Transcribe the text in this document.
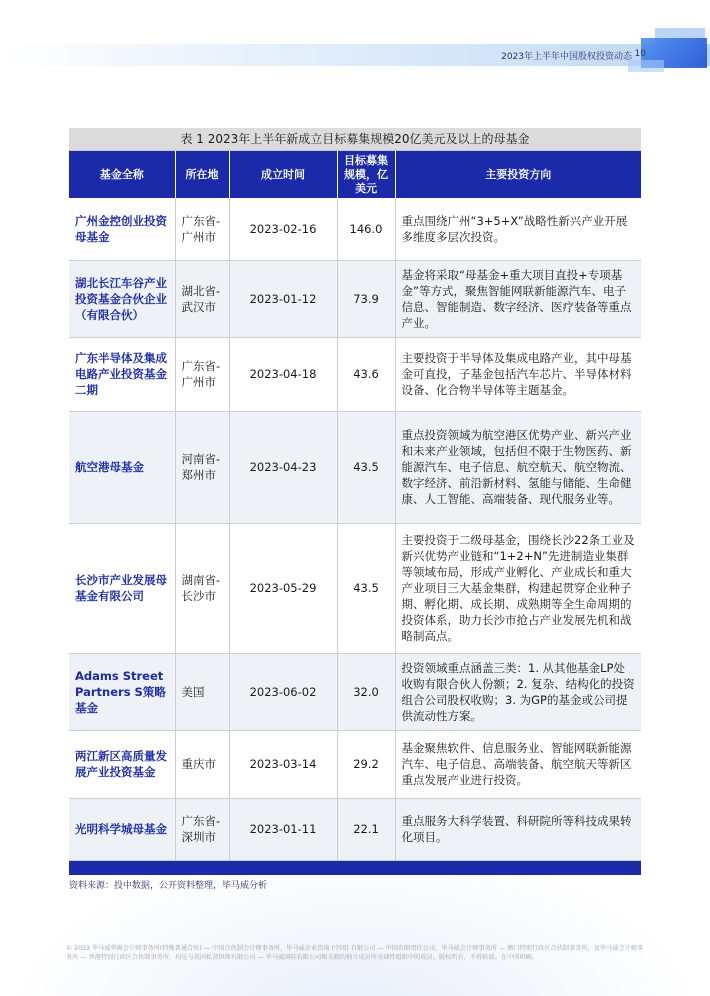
2023年上半年中国股权投资动态 10
表 1 2023年上半年新成立目标募集规模20亿美元及以上的母基金
基金全称	所在地	成立时间	目标募集规模，亿美元	主要投资方向
广州金控创业投资母基金	广东省-广州市	2023-02-16	146.0	重点围绕广州“3+5+X”战略性新兴产业开展多维度多层次投资。
湖北长江车谷产业投资基金合伙企业（有限合伙）	湖北省-武汉市	2023-01-12	73.9	基金将采取“母基金+重大项目直投+专项基金”等方式，聚焦智能网联新能源汽车、电子信息、智能制造、数字经济、医疗装备等重点产业。
广东半导体及集成电路产业投资基金二期	广东省-广州市	2023-04-18	43.6	主要投资于半导体及集成电路产业，其中母基金可直投，子基金包括汽车芯片、半导体材料设备、化合物半导体等主题基金。
航空港母基金	河南省-郑州市	2023-04-23	43.5	重点投资领域为航空港区优势产业、新兴产业和未来产业领域，包括但不限于生物医药、新能源汽车、电子信息、航空航天、航空物流、数字经济、前沿新材料、氢能与储能、生命健康、人工智能、高端装备、现代服务业等。
长沙市产业发展母基金有限公司	湖南省-长沙市	2023-05-29	43.5	主要投资于二级母基金，围绕长沙22条工业及新兴优势产业链和“1+2+N”先进制造业集群等领域布局，形成产业孵化、产业成长和重大产业项目三大基金集群，构建起贯穿企业种子期、孵化期、成长期、成熟期等全生命周期的投资体系，助力长沙市抢占产业发展先机和战略制高点。
Adams Street Partners S策略基金	美国	2023-06-02	32.0	投资领域重点涵盖三类：1. 从其他基金LP处收购有限合伙人份额；2. 复杂、结构化的投资组合公司股权收购；3. 为GP的基金或公司提供流动性方案。
两江新区高质量发展产业投资基金	重庆市	2023-03-14	29.2	基金聚焦软件、信息服务业、智能网联新能源汽车、电子信息、高端装备、航空航天等新区重点发展产业进行投资。
光明科学城母基金	广东省-深圳市	2023-01-11	22.1	重点服务大科学装置、科研院所等科技成果转化项目。
资料来源：投中数据，公开资料整理，毕马威分析
© 2023 毕马威华振会计师事务所(特殊普通合伙) — 中国合伙制会计师事务所，毕马威企业咨询 (中国) 有限公司 — 中国有限责任公司，毕马威会计师事务所 — 澳门特别行政区合伙制事务所，及毕马威会计师事务所 — 香港特别行政区合伙制事务所，均是与英国私营担保有限公司 — 毕马威国际有限公司相关联的独立成员所全球性组织中的成员。版权所有，不得转载。在中国印刷。
